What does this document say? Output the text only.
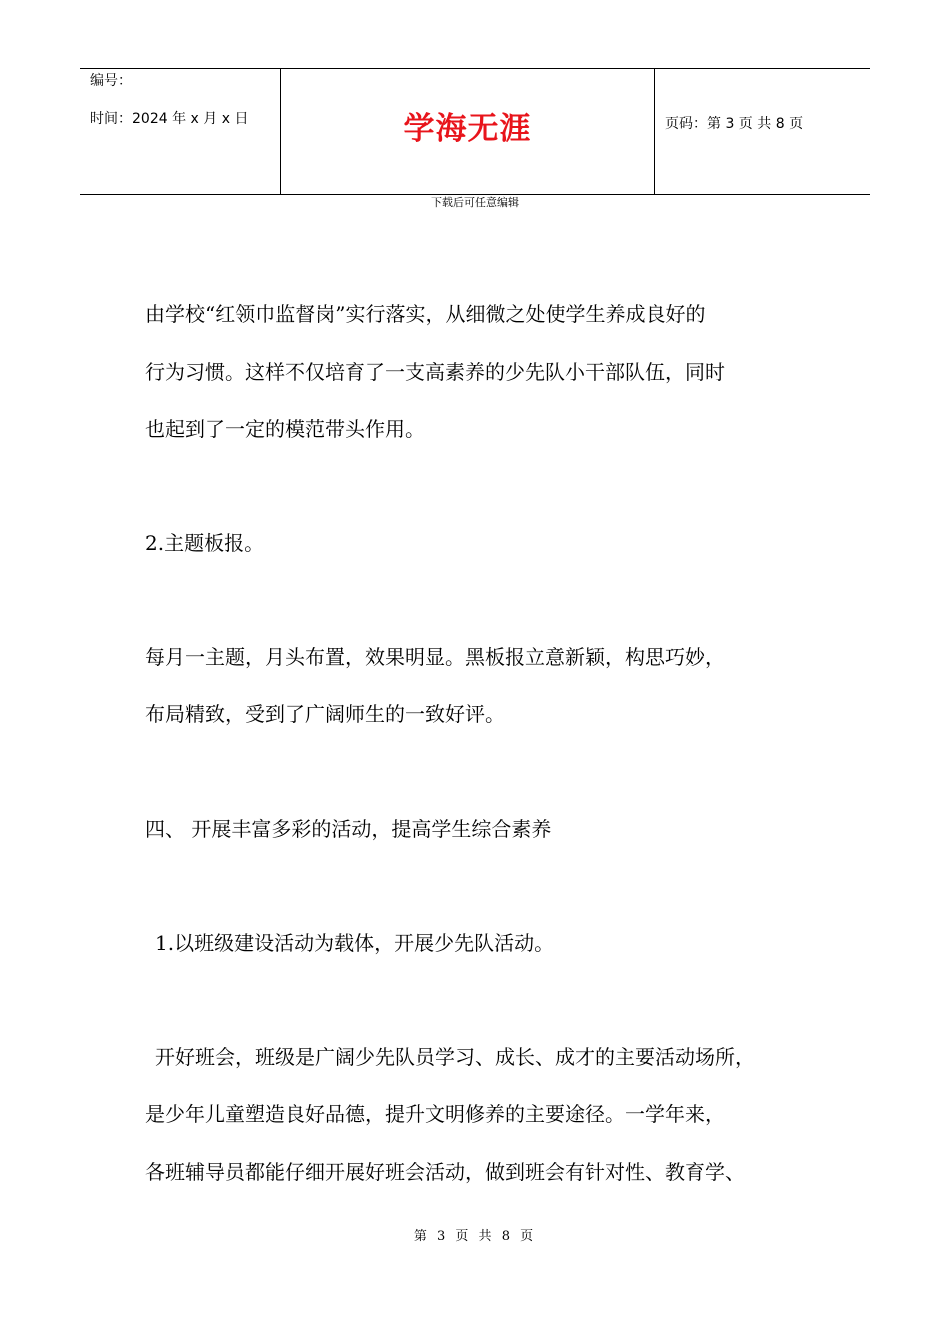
编号：
时间：2024 年 x 月 x 日	学海无涯	页码：第 3 页 共 8 页
下载后可任意编辑
由学校“红领巾监督岗”实行落实，从细微之处使学生养成良好的
行为习惯。这样不仅培育了一支高素养的少先队小干部队伍，同时
也起到了一定的模范带头作用。
2.主题板报。
每月一主题，月头布置，效果明显。黑板报立意新颖，构思巧妙，
布局精致，受到了广阔师生的一致好评。
四、 开展丰富多彩的活动，提高学生综合素养
1.以班级建设活动为载体，开展少先队活动。
开好班会，班级是广阔少先队员学习、成长、成才的主要活动场所，
是少年儿童塑造良好品德，提升文明修养的主要途径。一学年来，
各班辅导员都能仔细开展好班会活动，做到班会有针对性、教育学、
第 3 页 共 8 页
